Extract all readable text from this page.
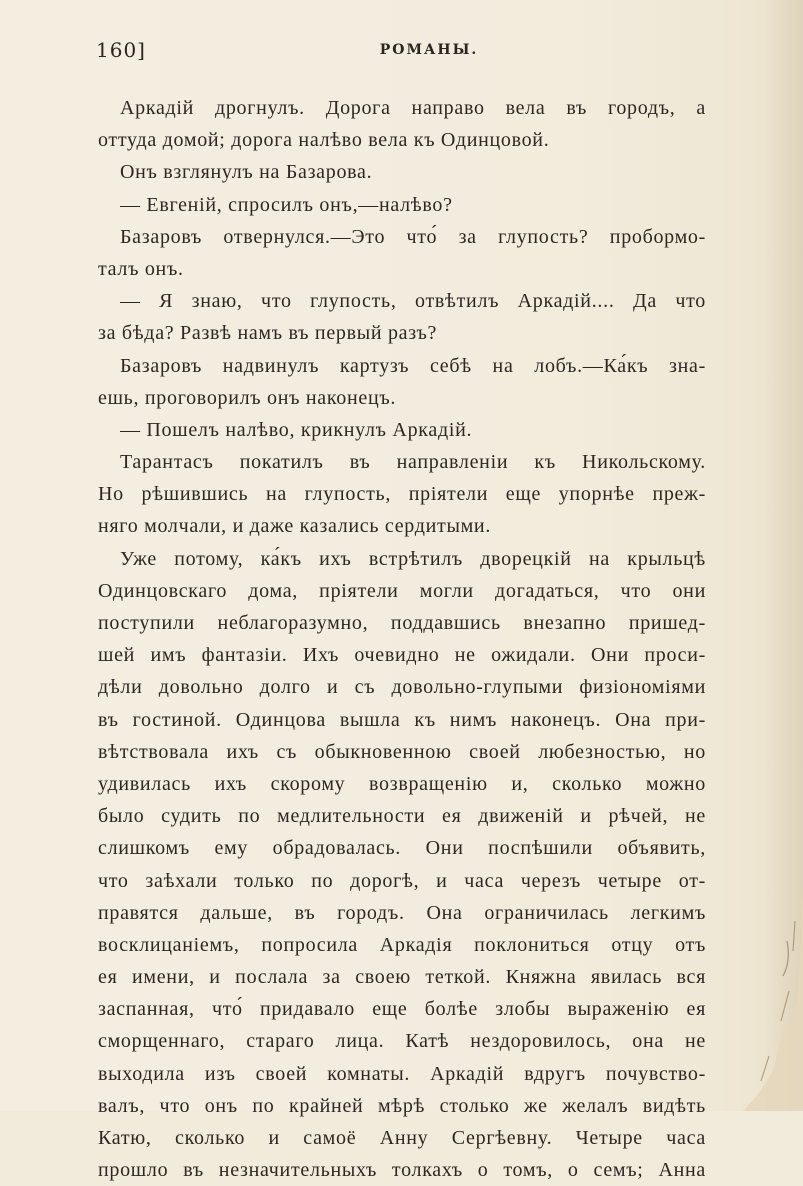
160]	РОМАНЫ.
Аркадій дрогнулъ. Дорога направо вела въ городъ, а
оттуда домой; дорога налѣво вела къ Одинцовой.
Онъ взглянулъ на Базарова.
— Евгеній, спросилъ онъ,—налѣво?
Базаровъ отвернулся.—Это что́ за глупость? пробормо-
талъ онъ.
— Я знаю, что глупость, отвѣтилъ Аркадій.... Да что
за бѣда? Развѣ намъ въ первый разъ?
Базаровъ надвинулъ картузъ себѣ на лобъ.—Ка́къ зна-
ешь, проговорилъ онъ наконецъ.
— Пошелъ налѣво, крикнулъ Аркадій.
Тарантасъ покатилъ въ направленіи къ Никольскому.
Но рѣшившись на глупость, пріятели еще упорнѣе преж-
няго молчали, и даже казались сердитыми.
Уже потому, ка́къ ихъ встрѣтилъ дворецкій на крыльцѣ
Одинцовскаго дома, пріятели могли догадаться, что они
поступили неблагоразумно, поддавшись внезапно пришед-
шей имъ фантазіи. Ихъ очевидно не ожидали. Они проси-
дѣли довольно долго и съ довольно-глупыми физіономіями
въ гостиной. Одинцова вышла къ нимъ наконецъ. Она при-
вѣтствовала ихъ съ обыкновенною своей любезностью, но
удивилась ихъ скорому возвращенію и, сколько можно
было судить по медлительности ея движеній и рѣчей, не
слишкомъ ему обрадовалась. Они поспѣшили объявить,
что заѣхали только по дорогѣ, и часа черезъ четыре от-
правятся дальше, въ городъ. Она ограничилась легкимъ
восклицаніемъ, попросила Аркадія поклониться отцу отъ
ея имени, и послала за своею теткой. Княжна явилась вся
заспанная, что́ придавало еще болѣе злобы выраженію ея
сморщеннаго, стараго лица. Катѣ нездоровилось, она не
выходила изъ своей комнаты. Аркадій вдругъ почувство-
валъ, что онъ по крайней мѣрѣ столько же желалъ видѣть
Катю, сколько и самоё Анну Сергѣевну. Четыре часа
прошло въ незначительныхъ толкахъ о томъ, о семъ; Анна
